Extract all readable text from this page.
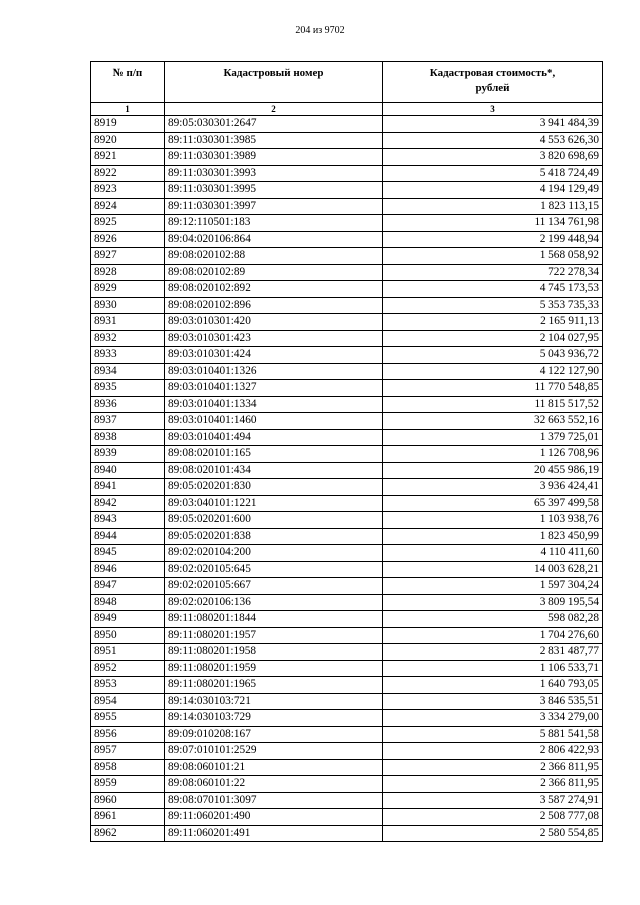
204 из 9702
№ п/п	Кадастровый номер	Кадастровая стоимость*,
рублей
1	2	3
8919	89:05:030301:2647	3 941 484,39
8920	89:11:030301:3985	4 553 626,30
8921	89:11:030301:3989	3 820 698,69
8922	89:11:030301:3993	5 418 724,49
8923	89:11:030301:3995	4 194 129,49
8924	89:11:030301:3997	1 823 113,15
8925	89:12:110501:183	11 134 761,98
8926	89:04:020106:864	2 199 448,94
8927	89:08:020102:88	1 568 058,92
8928	89:08:020102:89	722 278,34
8929	89:08:020102:892	4 745 173,53
8930	89:08:020102:896	5 353 735,33
8931	89:03:010301:420	2 165 911,13
8932	89:03:010301:423	2 104 027,95
8933	89:03:010301:424	5 043 936,72
8934	89:03:010401:1326	4 122 127,90
8935	89:03:010401:1327	11 770 548,85
8936	89:03:010401:1334	11 815 517,52
8937	89:03:010401:1460	32 663 552,16
8938	89:03:010401:494	1 379 725,01
8939	89:08:020101:165	1 126 708,96
8940	89:08:020101:434	20 455 986,19
8941	89:05:020201:830	3 936 424,41
8942	89:03:040101:1221	65 397 499,58
8943	89:05:020201:600	1 103 938,76
8944	89:05:020201:838	1 823 450,99
8945	89:02:020104:200	4 110 411,60
8946	89:02:020105:645	14 003 628,21
8947	89:02:020105:667	1 597 304,24
8948	89:02:020106:136	3 809 195,54
8949	89:11:080201:1844	598 082,28
8950	89:11:080201:1957	1 704 276,60
8951	89:11:080201:1958	2 831 487,77
8952	89:11:080201:1959	1 106 533,71
8953	89:11:080201:1965	1 640 793,05
8954	89:14:030103:721	3 846 535,51
8955	89:14:030103:729	3 334 279,00
8956	89:09:010208:167	5 881 541,58
8957	89:07:010101:2529	2 806 422,93
8958	89:08:060101:21	2 366 811,95
8959	89:08:060101:22	2 366 811,95
8960	89:08:070101:3097	3 587 274,91
8961	89:11:060201:490	2 508 777,08
8962	89:11:060201:491	2 580 554,85
